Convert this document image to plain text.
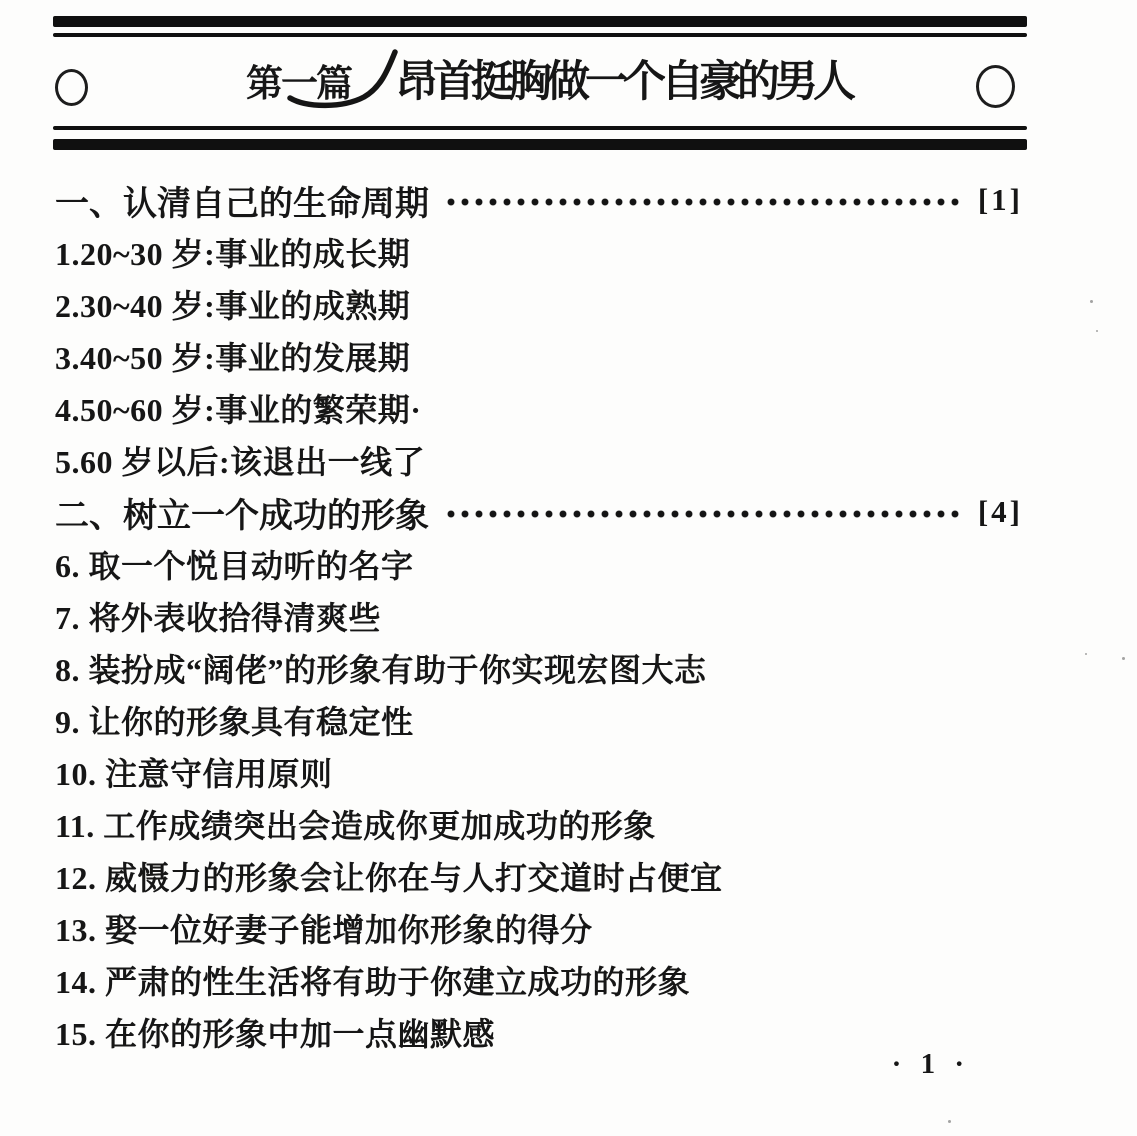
第一篇 昂首挺胸做一个自豪的男人
一、认清自己的生命周期	[1]
1.20~30 岁:事业的成长期
2.30~40 岁:事业的成熟期
3.40~50 岁:事业的发展期
4.50~60 岁:事业的繁荣期·
5.60 岁以后:该退出一线了
二、树立一个成功的形象	[4]
6. 取一个悦目动听的名字
7. 将外表收拾得清爽些
8. 装扮成“阔佬”的形象有助于你实现宏图大志
9. 让你的形象具有稳定性
10. 注意守信用原则
11. 工作成绩突出会造成你更加成功的形象
12. 威慑力的形象会让你在与人打交道时占便宜
13. 娶一位好妻子能增加你形象的得分
14. 严肃的性生活将有助于你建立成功的形象
15. 在你的形象中加一点幽默感
· 1 ·
